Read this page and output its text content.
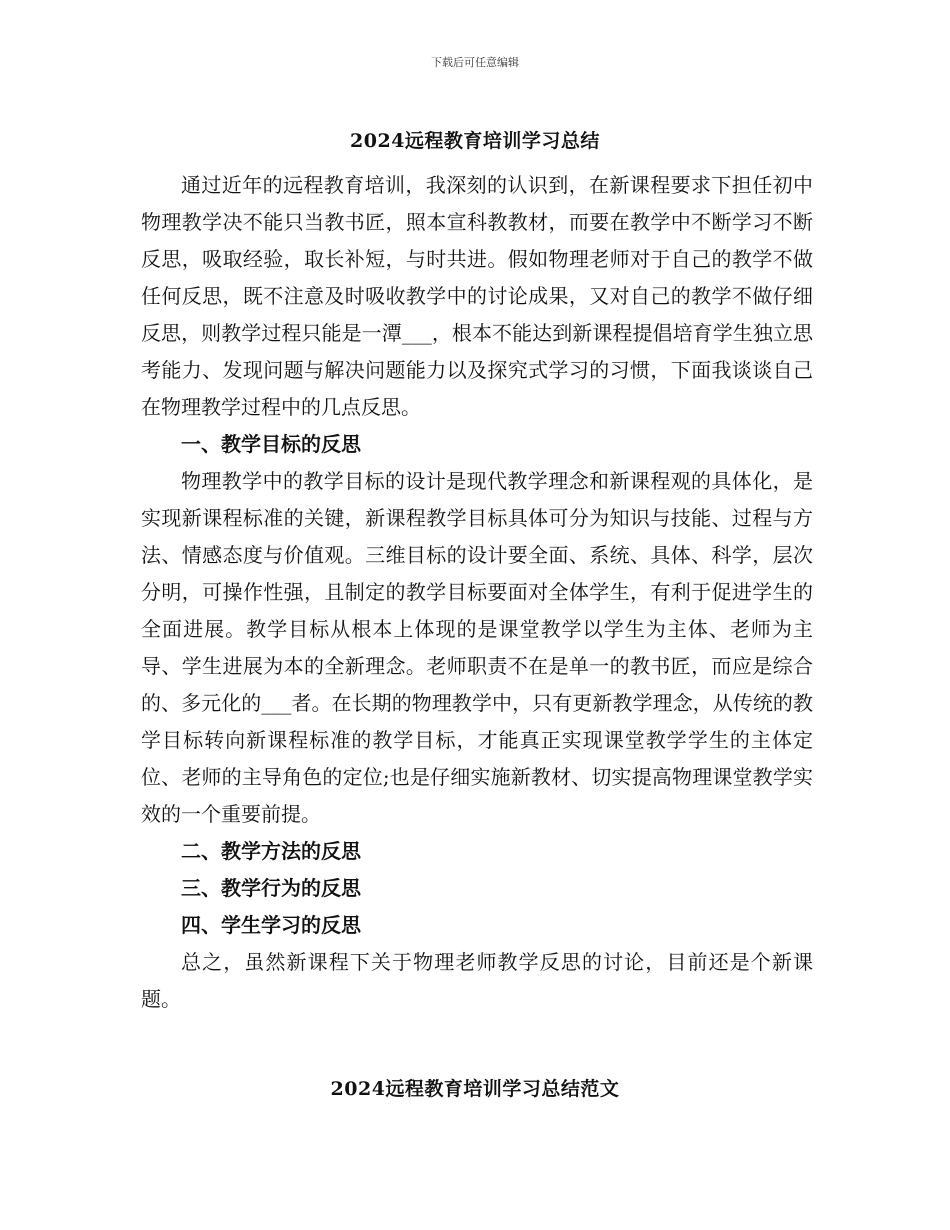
下载后可任意编辑
2024远程教育培训学习总结

通过近年的远程教育培训，我深刻的认识到，在新课程要求下担任初中物理教学决不能只当教书匠，照本宣科教教材，而要在教学中不断学习不断反思，吸取经验，取长补短，与时共进。假如物理老师对于自己的教学不做任何反思，既不注意及时吸收教学中的讨论成果，又对自己的教学不做仔细反思，则教学过程只能是一潭___，根本不能达到新课程提倡培育学生独立思考能力、发现问题与解决问题能力以及探究式学习的习惯，下面我谈谈自己在物理教学过程中的几点反思。

一、教学目标的反思

物理教学中的教学目标的设计是现代教学理念和新课程观的具体化，是实现新课程标准的关键，新课程教学目标具体可分为知识与技能、过程与方法、情感态度与价值观。三维目标的设计要全面、系统、具体、科学，层次分明，可操作性强，且制定的教学目标要面对全体学生，有利于促进学生的全面进展。教学目标从根本上体现的是课堂教学以学生为主体、老师为主导、学生进展为本的全新理念。老师职责不在是单一的教书匠，而应是综合的、多元化的___者。在长期的物理教学中，只有更新教学理念，从传统的教学目标转向新课程标准的教学目标，才能真正实现课堂教学学生的主体定位、老师的主导角色的定位;也是仔细实施新教材、切实提高物理课堂教学实效的一个重要前提。

二、教学方法的反思
三、教学行为的反思
四、学生学习的反思

总之，虽然新课程下关于物理老师教学反思的讨论，目前还是个新课题。

2024远程教育培训学习总结范文
